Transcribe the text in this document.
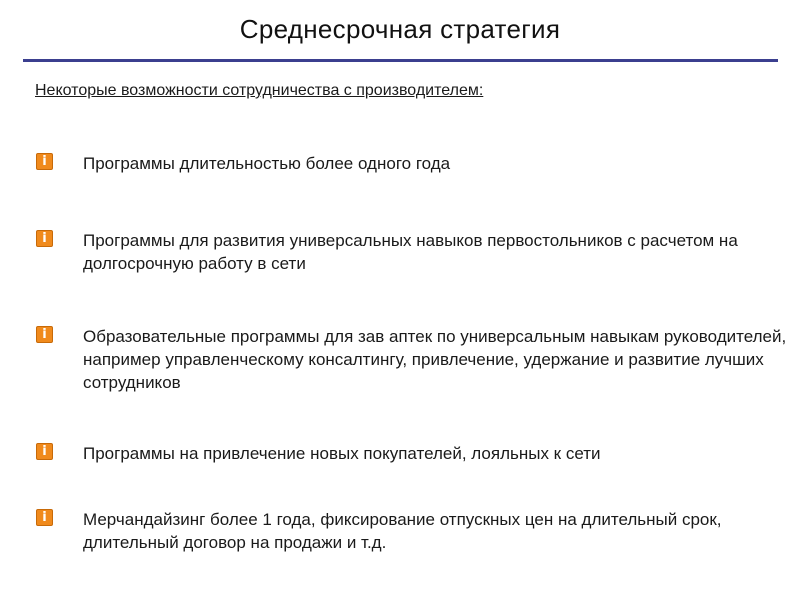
Среднесрочная стратегия
Некоторые возможности сотрудничества с производителем:
i	Программы длительностью более одного года
i	Программы для развития универсальных навыков первостольников с расчетом на долгосрочную работу в сети
i	Образовательные программы для зав аптек по универсальным навыкам руководителей, например управленческому консалтингу, привлечение, удержание и развитие лучших сотрудников
i	Программы на привлечение новых покупателей, лояльных к сети
i	Мерчандайзинг более 1 года, фиксирование отпускных цен на длительный срок, длительный договор на продажи и т.д.
